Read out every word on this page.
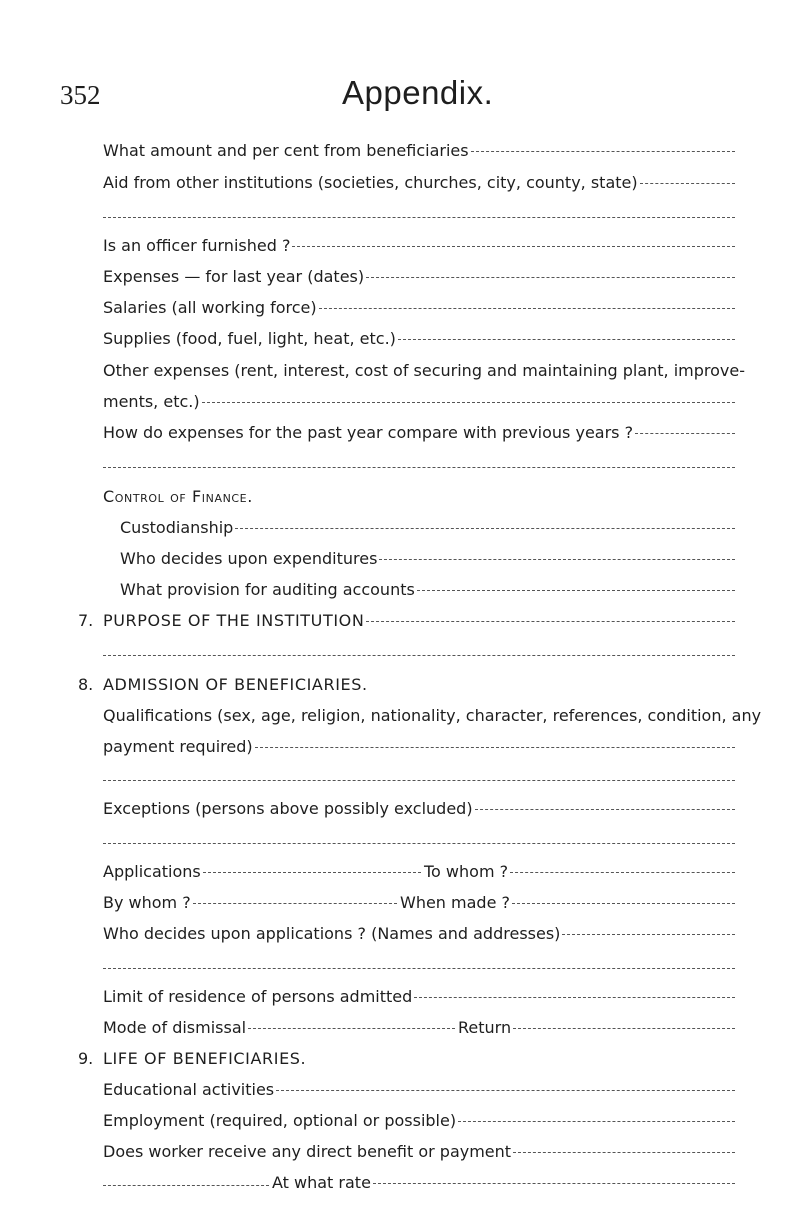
352	Appendix.
What amount and per cent from beneficiaries
Aid from other institutions (societies, churches, city, county, state)
Is an officer furnished ?
Expenses — for last year (dates)
Salaries (all working force)
Supplies (food, fuel, light, heat, etc.)
Other expenses (rent, interest, cost of securing and maintaining plant, improve-
ments, etc.)
How do expenses for the past year compare with previous years ?
Control of Finance.
Custodianship
Who decides upon expenditures
What provision for auditing accounts
7. PURPOSE OF THE INSTITUTION
8. ADMISSION OF BENEFICIARIES.
Qualifications (sex, age, religion, nationality, character, references, condition, any
payment required)
Exceptions (persons above possibly excluded)
Applications	To whom ?
By whom ?	When made ?
Who decides upon applications ? (Names and addresses)
Limit of residence of persons admitted
Mode of dismissal	Return
9. LIFE OF BENEFICIARIES.
Educational activities
Employment (required, optional or possible)
Does worker receive any direct benefit or payment
At what rate
